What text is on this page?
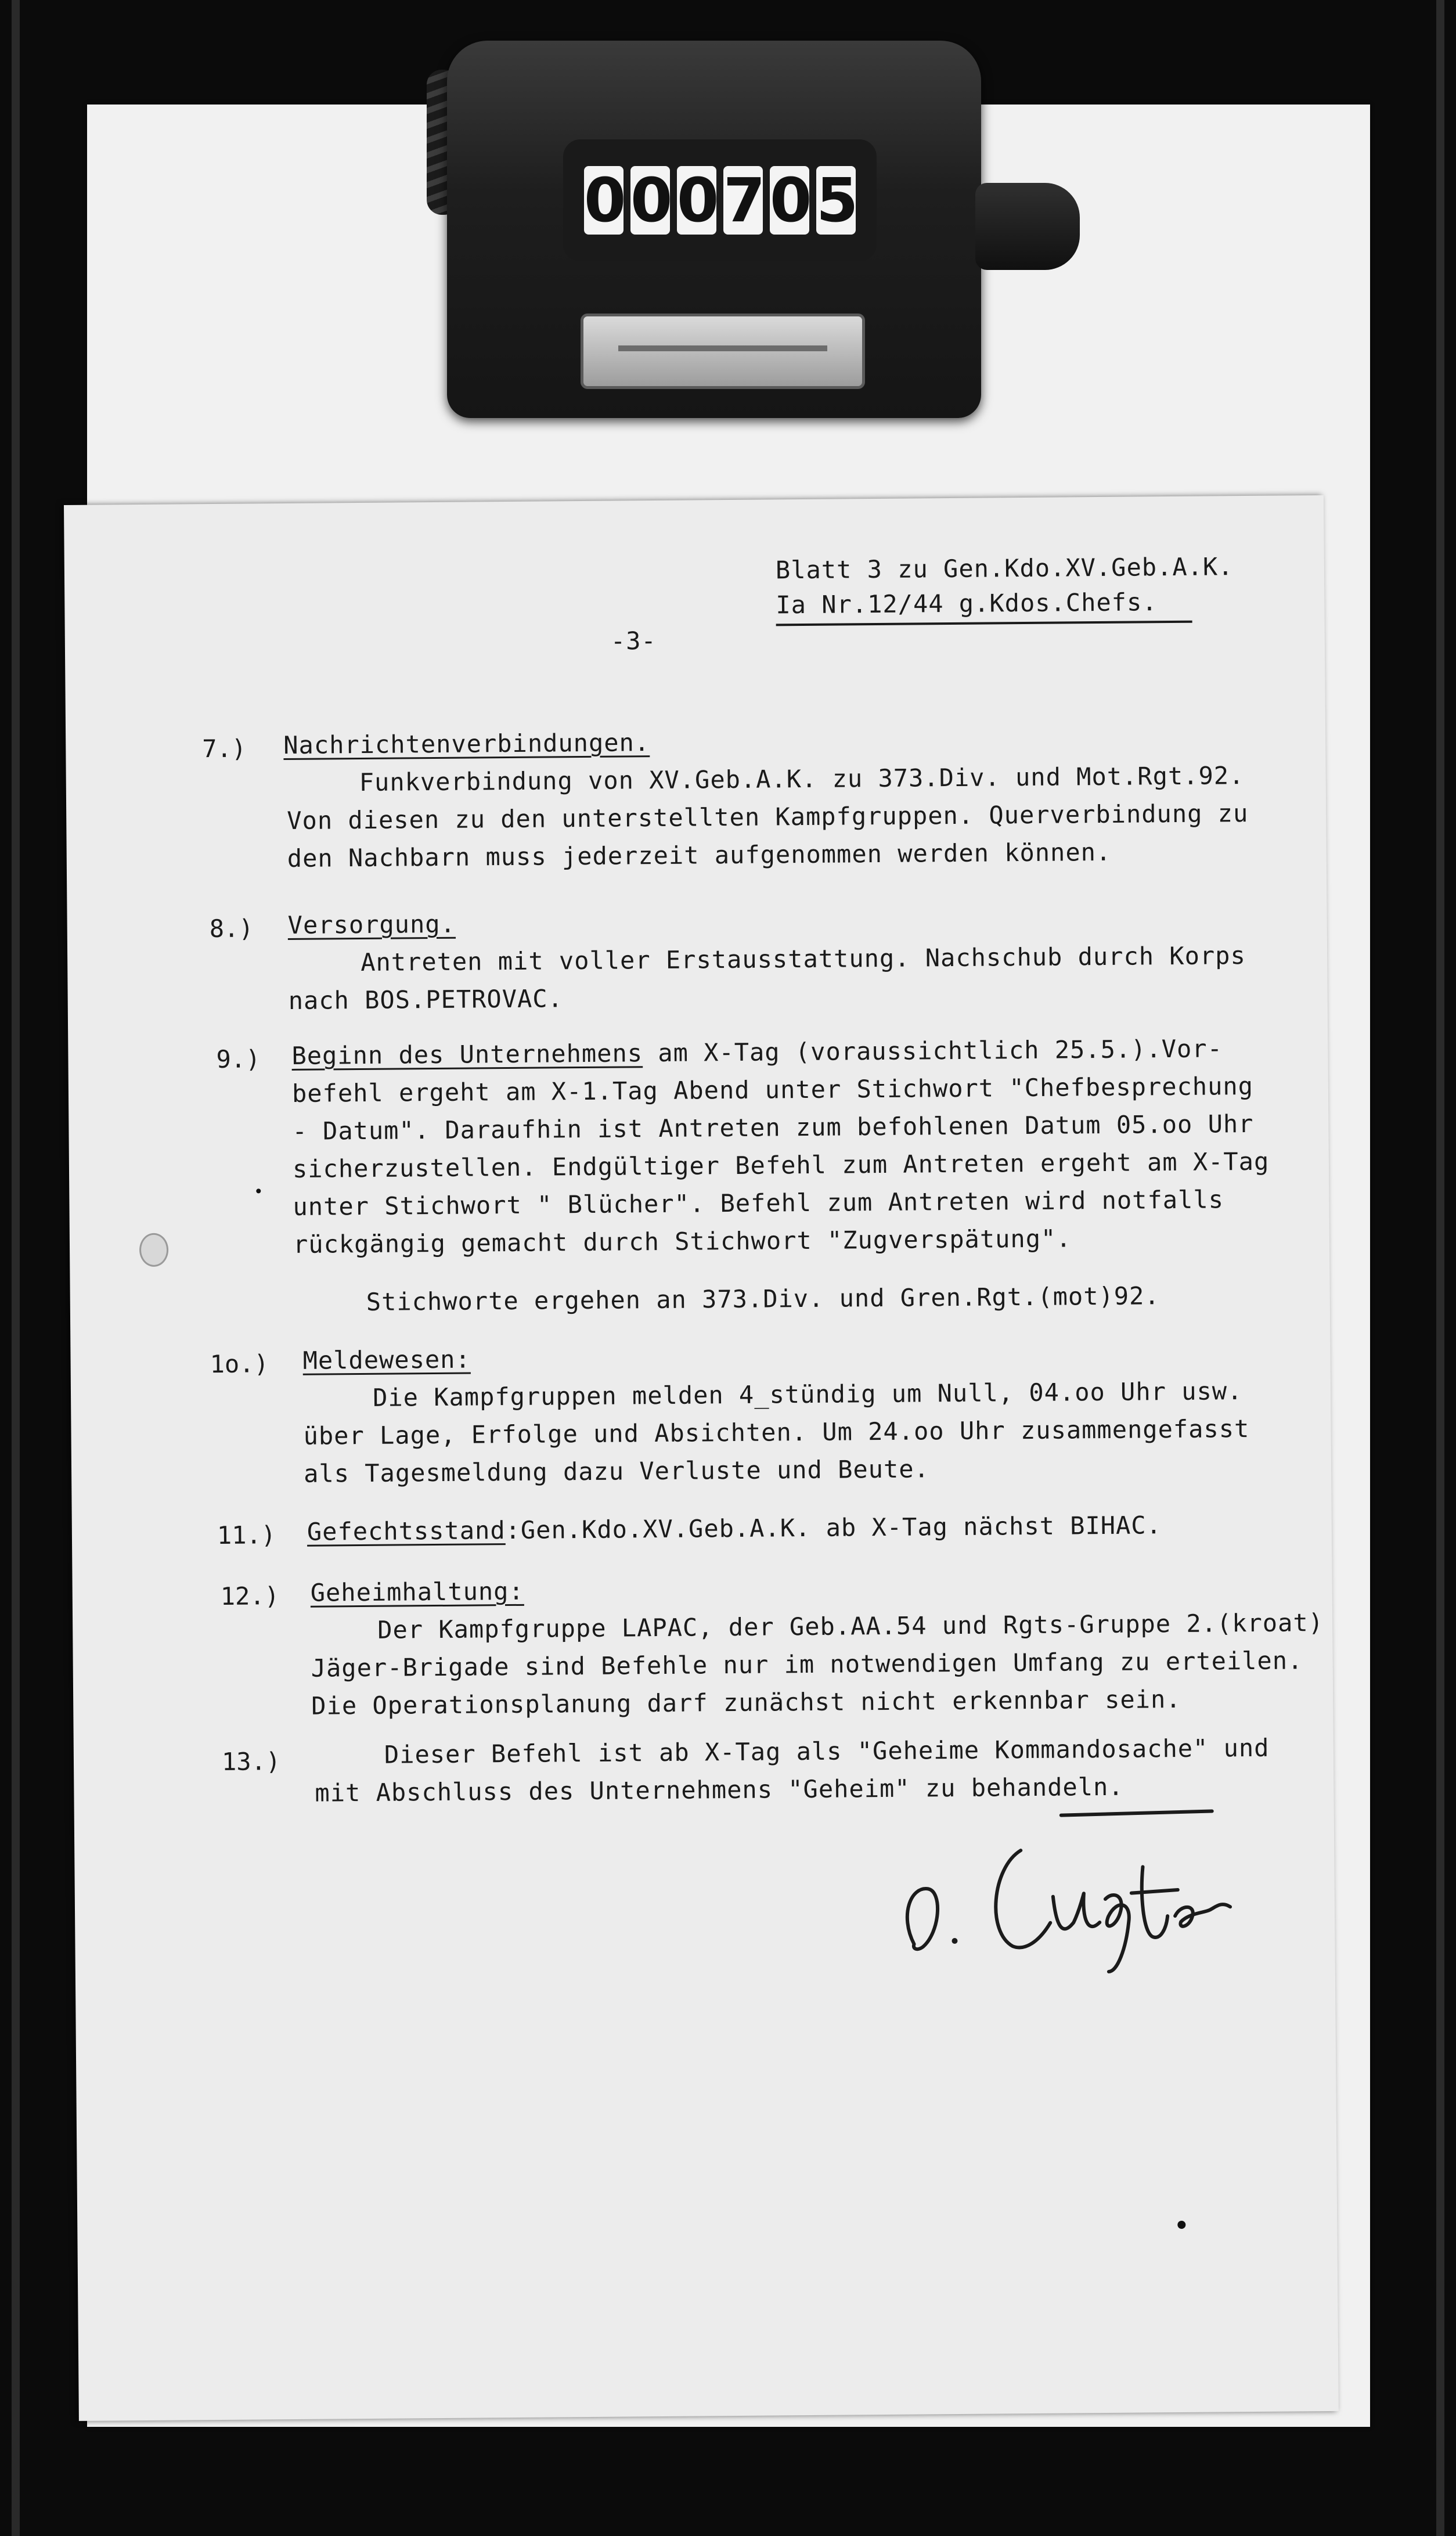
0 0 0 7 0 5
Blatt 3 zu Gen.Kdo.XV.Geb.A.K.
Ia Nr.12/44 g.Kdos.Chefs.
-3-
7.) Nachrichtenverbindungen.
Funkverbindung von XV.Geb.A.K. zu 373.Div. und Mot.Rgt.92.
Von diesen zu den unterstellten Kampfgruppen. Querverbindung zu
den Nachbarn muss jederzeit aufgenommen werden können.
8.) Versorgung.
Antreten mit voller Erstausstattung. Nachschub durch Korps
nach BOS.PETROVAC.
9.) Beginn des Unternehmens am X-Tag (voraussichtlich 25.5.).Vor-
befehl ergeht am X-1.Tag Abend unter Stichwort "Chefbesprechung
- Datum". Daraufhin ist Antreten zum befohlenen Datum 05.oo Uhr
sicherzustellen. Endgültiger Befehl zum Antreten ergeht am X-Tag
unter Stichwort " Blücher". Befehl zum Antreten wird notfalls
rückgängig gemacht durch Stichwort "Zugverspätung".
Stichworte ergehen an 373.Div. und Gren.Rgt.(mot)92.
1o.) Meldewesen:
Die Kampfgruppen melden 4_stündig um Null, 04.oo Uhr usw.
über Lage, Erfolge und Absichten. Um 24.oo Uhr zusammengefasst
als Tagesmeldung dazu Verluste und Beute.
11.) Gefechtsstand:Gen.Kdo.XV.Geb.A.K. ab X-Tag nächst BIHAC.
12.) Geheimhaltung:
Der Kampfgruppe LAPAC, der Geb.AA.54 und Rgts-Gruppe 2.(kroat)
Jäger-Brigade sind Befehle nur im notwendigen Umfang zu erteilen.
Die Operationsplanung darf zunächst nicht erkennbar sein.
13.)	Dieser Befehl ist ab X-Tag als "Geheime Kommandosache" und
mit Abschluss des Unternehmens "Geheim" zu behandeln.
